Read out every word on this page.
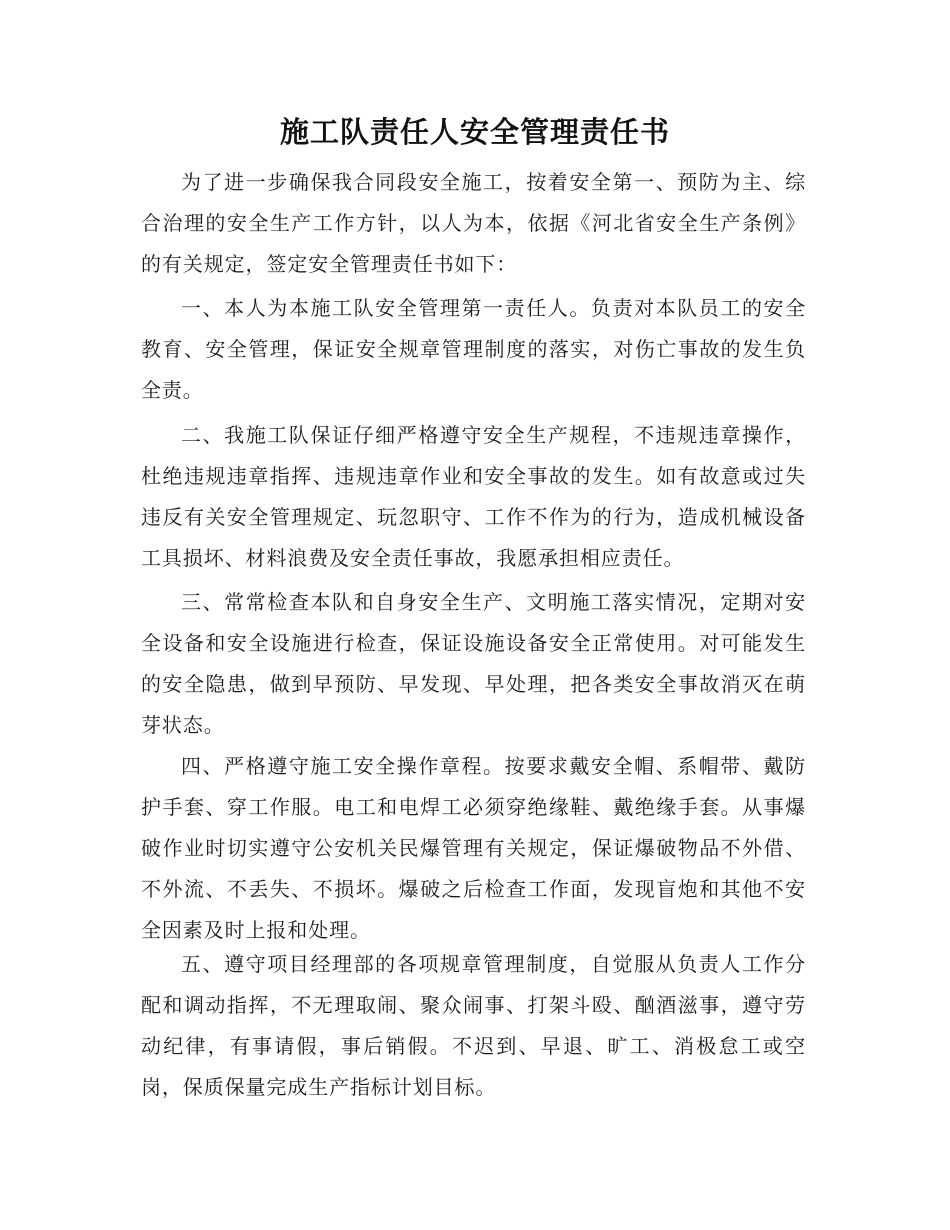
施工队责任人安全管理责任书

为了进一步确保我合同段安全施工，按着安全第一、预防为主、综合治理的安全生产工作方针，以人为本，依据《河北省安全生产条例》的有关规定，签定安全管理责任书如下：

一、本人为本施工队安全管理第一责任人。负责对本队员工的安全教育、安全管理，保证安全规章管理制度的落实，对伤亡事故的发生负全责。

二、我施工队保证仔细严格遵守安全生产规程，不违规违章操作，杜绝违规违章指挥、违规违章作业和安全事故的发生。如有故意或过失违反有关安全管理规定、玩忽职守、工作不作为的行为，造成机械设备工具损坏、材料浪费及安全责任事故，我愿承担相应责任。

三、常常检查本队和自身安全生产、文明施工落实情况，定期对安全设备和安全设施进行检查，保证设施设备安全正常使用。对可能发生的安全隐患，做到早预防、早发现、早处理，把各类安全事故消灭在萌芽状态。

四、严格遵守施工安全操作章程。按要求戴安全帽、系帽带、戴防护手套、穿工作服。电工和电焊工必须穿绝缘鞋、戴绝缘手套。从事爆破作业时切实遵守公安机关民爆管理有关规定，保证爆破物品不外借、不外流、不丢失、不损坏。爆破之后检查工作面，发现盲炮和其他不安全因素及时上报和处理。

五、遵守项目经理部的各项规章管理制度，自觉服从负责人工作分配和调动指挥，不无理取闹、聚众闹事、打架斗殴、酗酒滋事，遵守劳动纪律，有事请假，事后销假。不迟到、早退、旷工、消极怠工或空岗，保质保量完成生产指标计划目标。
